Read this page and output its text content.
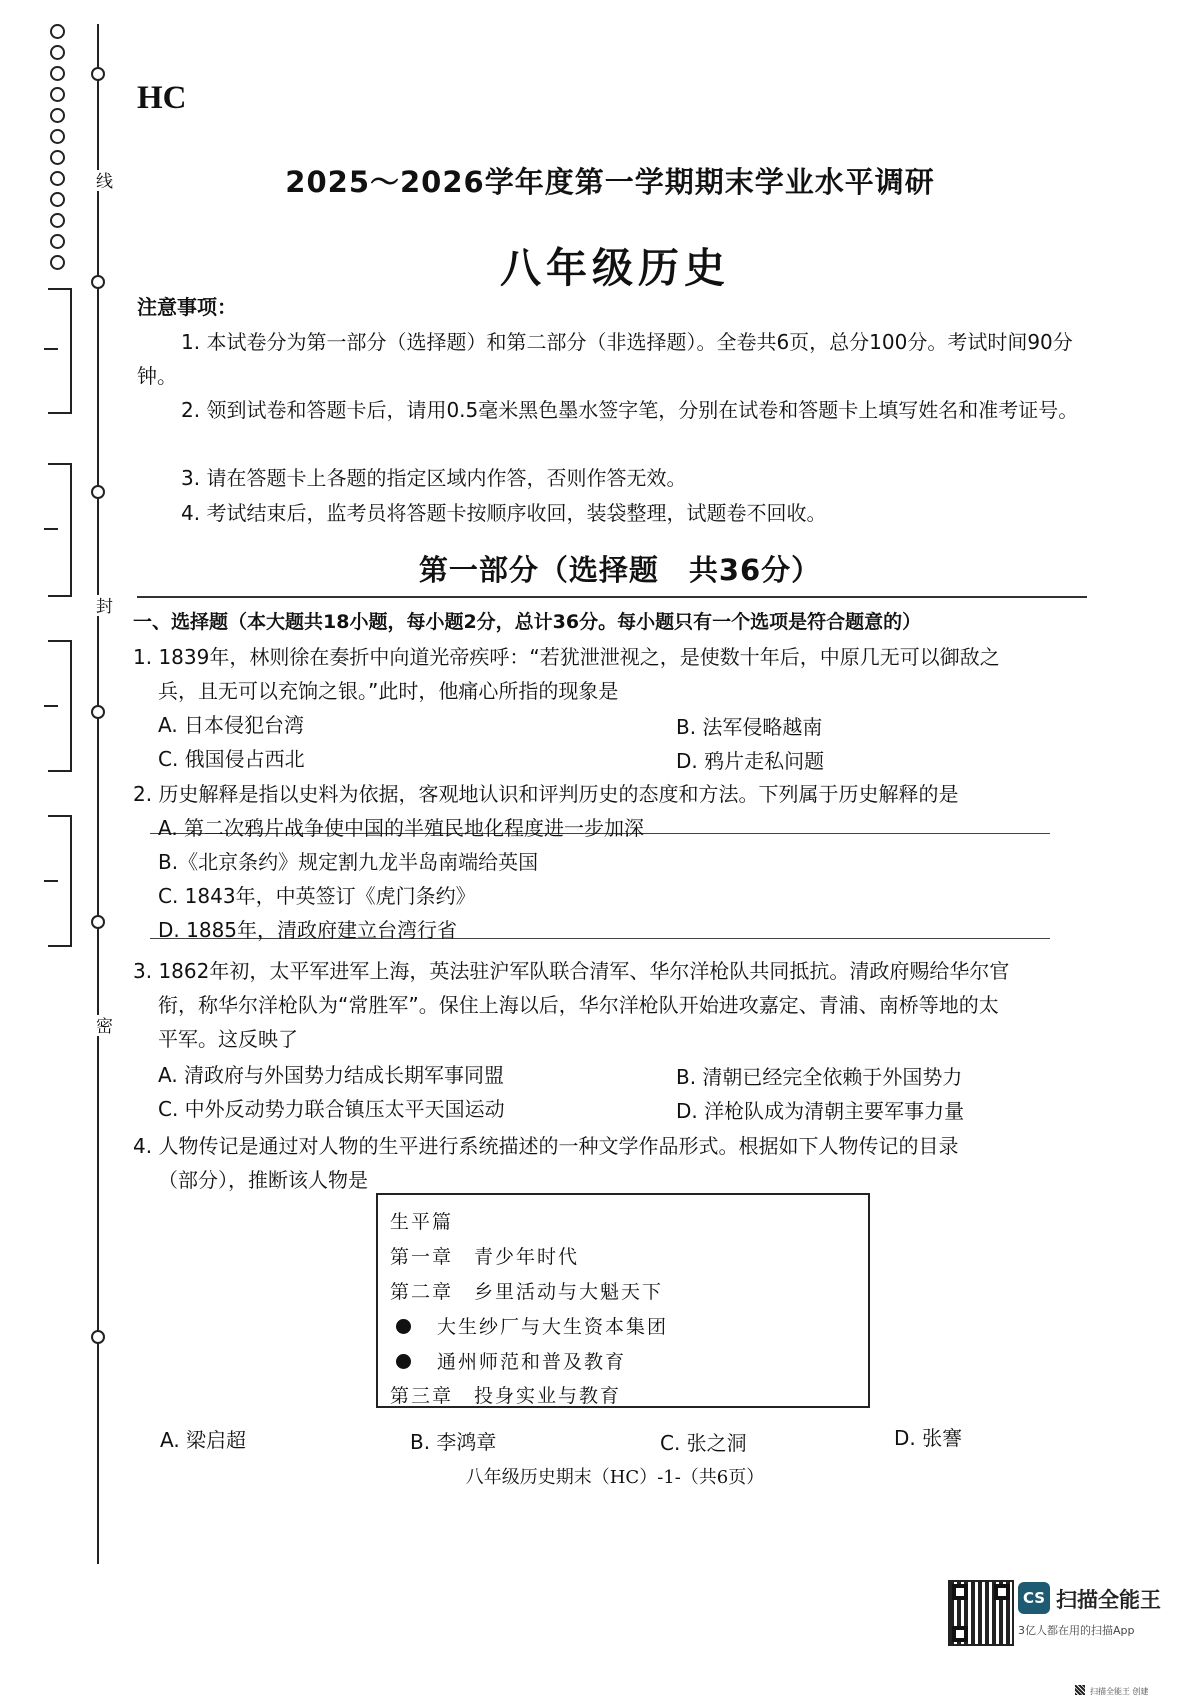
线
封
密
HC
2025～2026学年度第一学期期末学业水平调研
八年级历史
注意事项：
1. 本试卷分为第一部分（选择题）和第二部分（非选择题）。全卷共6页，总分100分。考试时间90分钟。
2. 领到试卷和答题卡后，请用0.5毫米黑色墨水签字笔，分别在试卷和答题卡上填写姓名和准考证号。
3. 请在答题卡上各题的指定区域内作答，否则作答无效。
4. 考试结束后，监考员将答题卡按顺序收回，装袋整理，试题卷不回收。
第一部分（选择题　共36分）
一、选择题（本大题共18小题，每小题2分，总计36分。每小题只有一个选项是符合题意的）
1. 1839年，林则徐在奏折中向道光帝疾呼：“若犹泄泄视之，是使数十年后，中原几无可以御敌之
兵，且无可以充饷之银。”此时，他痛心所指的现象是
A. 日本侵犯台湾	B. 法军侵略越南
C. 俄国侵占西北	D. 鸦片走私问题
2. 历史解释是指以史料为依据，客观地认识和评判历史的态度和方法。下列属于历史解释的是
A. 第二次鸦片战争使中国的半殖民地化程度进一步加深
B.《北京条约》规定割九龙半岛南端给英国
C. 1843年，中英签订《虎门条约》
D. 1885年，清政府建立台湾行省
3. 1862年初，太平军进军上海，英法驻沪军队联合清军、华尔洋枪队共同抵抗。清政府赐给华尔官
衔，称华尔洋枪队为“常胜军”。保住上海以后，华尔洋枪队开始进攻嘉定、青浦、南桥等地的太
平军。这反映了
A. 清政府与外国势力结成长期军事同盟	B. 清朝已经完全依赖于外国势力
C. 中外反动势力联合镇压太平天国运动	D. 洋枪队成为清朝主要军事力量
4. 人物传记是通过对人物的生平进行系统描述的一种文学作品形式。根据如下人物传记的目录
（部分），推断该人物是
生平篇
第一章　青少年时代
第二章　乡里活动与大魁天下
大生纱厂与大生资本集团
通州师范和普及教育
第三章　投身实业与教育
A. 梁启超	B. 李鸿章	C. 张之洞	D. 张謇
八年级历史期末（HC）-1-（共6页）
CS 扫描全能王
3亿人都在用的扫描App
扫描全能王 创建
